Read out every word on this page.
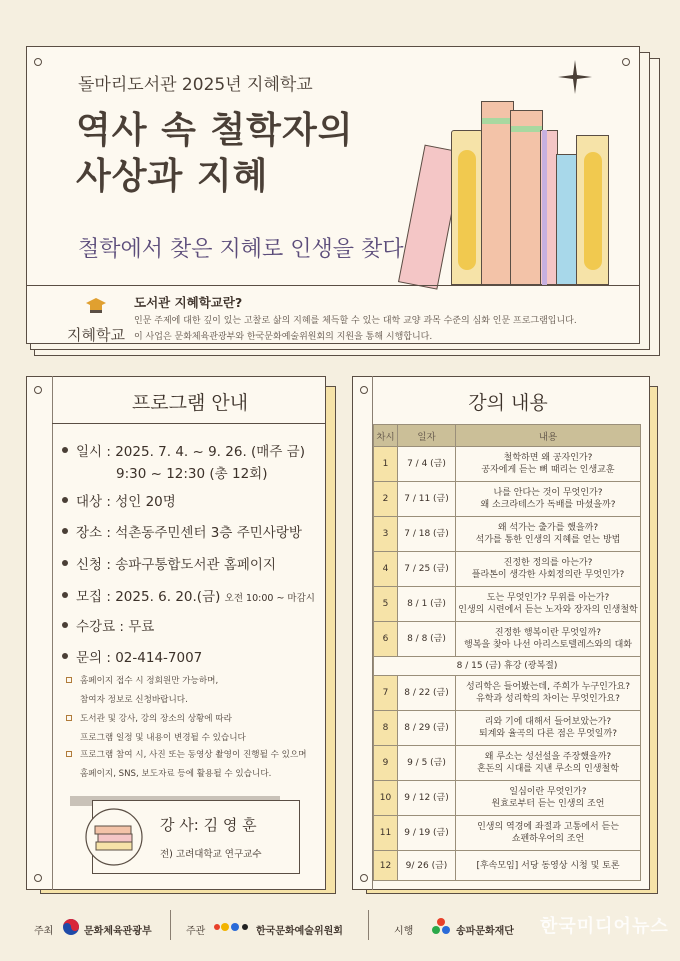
돌마리도서관 2025년 지혜학교
역사 속 철학자의
사상과 지혜
철학에서 찾은 지혜로 인생을 찾다
지혜학교
도서관 지혜학교란?
인문 주제에 대한 깊이 있는 고찰로 삶의 지혜를 체득할 수 있는 대학 교양 과목 수준의 심화 인문 프로그램입니다.
이 사업은 문화체육관광부와 한국문화예술위원회의 지원을 통해 시행합니다.
프로그램 안내
일시 : 2025. 7. 4. ~ 9. 26. (매주 금)
9:30 ~ 12:30 (총 12회)
대상 : 성인 20명
장소 : 석촌동주민센터 3층 주민사랑방
신청 : 송파구통합도서관 홈페이지
모집 : 2025. 6. 20.(금) 오전 10:00 ~ 마감시
수강료 : 무료
문의 : 02-414-7007
홈페이지 접수 시 정회원만 가능하며,
참여자 정보로 신청바랍니다.
도서관 및 강사, 강의 장소의 상황에 따라
프로그램 일정 및 내용이 변경될 수 있습니다
프로그램 참여 시, 사진 또는 동영상 촬영이 진행될 수 있으며
홈페이지, SNS, 보도자료 등에 활용될 수 있습니다.
강 사: 김 영 훈
전) 고려대학교 연구교수
강의 내용
차시	일자	내용
1	7 / 4 (금)	철학하면 왜 공자인가?
공자에게 듣는 뼈 때리는 인생교훈

2	7 / 11 (금)	나를 안다는 것이 무엇인가?
왜 소크라테스가 독배를 마셨을까?

3	7 / 18 (금)	왜 석가는 출가를 했을까?
석가를 통한 인생의 지혜를 얻는 방법

4	7 / 25 (금)	진정한 정의를 아는가?
플라톤이 생각한 사회정의란 무엇인가?

5	8 / 1 (금)	도는 무엇인가? 무위를 아는가?
인생의 시련에서 듣는 노자와 장자의 인생철학

6	8 / 8 (금)	진정한 행복이란 무엇일까?
행복을 찾아 나선 아리스토텔레스와의 대화

8 / 15 (금) 휴강 (광복절)		
7	8 / 22 (금)	성리학은 들어봤는데, 주희가 누구인가요?
유학과 성리학의 차이는 무엇인가요?

8	8 / 29 (금)	리와 기에 대해서 들어보았는가?
퇴계와 율곡의 다른 점은 무엇일까?

9	9 / 5 (금)	왜 루소는 성선설을 주장했을까?
혼돈의 시대를 지낸 루소의 인생철학

10	9 / 12 (금)	일심이란 무엇인가?
원효로부터 듣는 인생의 조언

11	9 / 19 (금)	인생의 역경에 좌절과 고통에서 듣는
쇼펜하우어의 조언

12	9/ 26 (금)	[후속모임] 서당 동영상 시청 및 토론
주최	문화체육관광부	주관	한국문화예술위원회	시행	송파문화재단 한국미디어뉴스
